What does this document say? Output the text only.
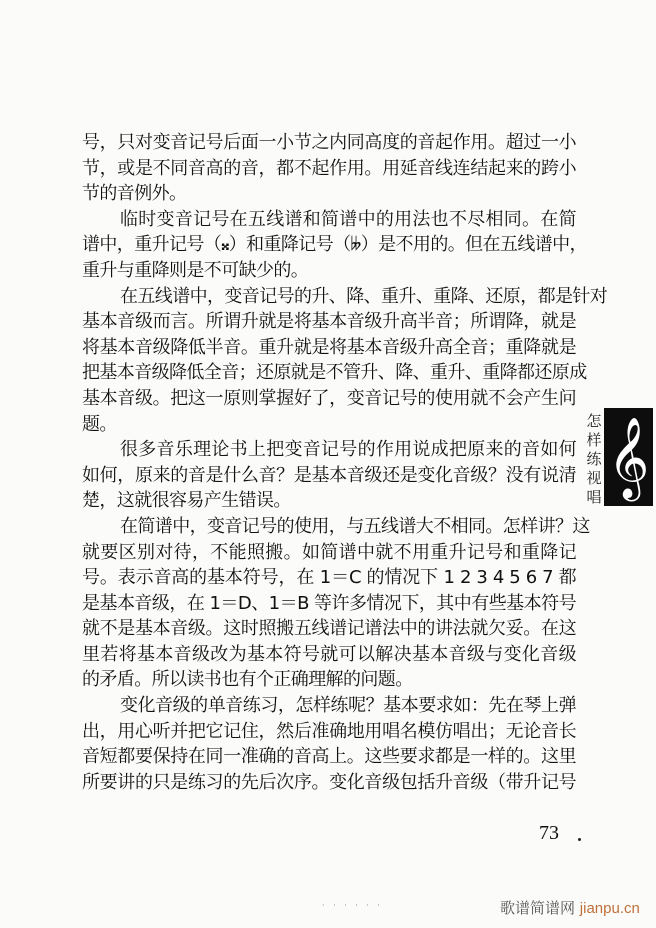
号，只对变音记号后面一小节之内同高度的音起作用。超过一小
节，或是不同音高的音，都不起作用。用延音线连结起来的跨小
节的音例外。
临时变音记号在五线谱和简谱中的用法也不尽相同。在简
谱中，重升记号（𝄪）和重降记号（𝄫）是不用的。但在五线谱中，
重升与重降则是不可缺少的。
在五线谱中，变音记号的升、降、重升、重降、还原，都是针对
基本音级而言。所谓升就是将基本音级升高半音；所谓降，就是
将基本音级降低半音。重升就是将基本音级升高全音；重降就是
把基本音级降低全音；还原就是不管升、降、重升、重降都还原成
基本音级。把这一原则掌握好了，变音记号的使用就不会产生问
题。
很多音乐理论书上把变音记号的作用说成把原来的音如何
如何，原来的音是什么音？是基本音级还是变化音级？没有说清
楚，这就很容易产生错误。
在简谱中，变音记号的使用，与五线谱大不相同。怎样讲？这
就要区别对待，不能照搬。如简谱中就不用重升记号和重降记
号。表示音高的基本符号，在 1＝C 的情况下 1 2 3 4 5 6 7 都
是基本音级，在 1＝D、1＝B 等许多情况下，其中有些基本符号
就不是基本音级。这时照搬五线谱记谱法中的讲法就欠妥。在这
里若将基本音级改为基本符号就可以解决基本音级与变化音级
的矛盾。所以读书也有个正确理解的问题。
变化音级的单音练习，怎样练呢？基本要求如：先在琴上弹
出，用心听并把它记住，然后准确地用唱名模仿唱出；无论音长
音短都要保持在同一准确的音高上。这些要求都是一样的。这里
所要讲的只是练习的先后次序。变化音级包括升音级（带升记号
73
怎
样
练
视
唱 𝄞
· · · · · ·	歌谱简谱网 jianpu.cn
